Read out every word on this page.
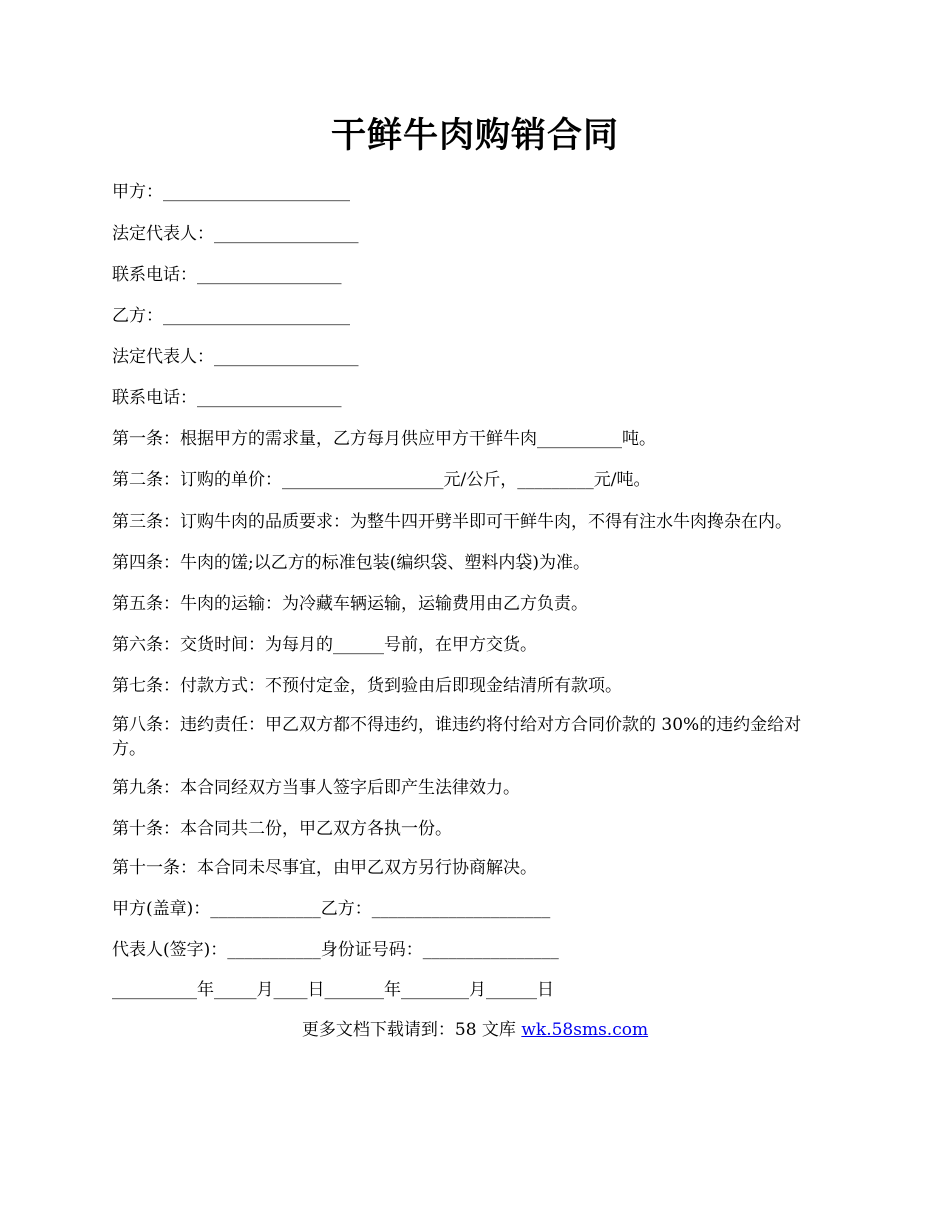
干鲜牛肉购销合同
甲方：______________________
法定代表人：_________________
联系电话：_________________
乙方：______________________
法定代表人：_________________
联系电话：_________________
第一条：根据甲方的需求量，乙方每月供应甲方干鲜牛肉__________吨。
第二条：订购的单价：___________________元/公斤，_________元/吨。
第三条：订购牛肉的品质要求：为整牛四开劈半即可干鲜牛肉，不得有注水牛肉搀杂在内。
第四条：牛肉的馐;以乙方的标准包装(编织袋、塑料内袋)为准。
第五条：牛肉的运输：为冷藏车辆运输，运输费用由乙方负责。
第六条：交货时间：为每月的______号前，在甲方交货。
第七条：付款方式：不预付定金，货到验由后即现金结清所有款项。
第八条：违约责任：甲乙双方都不得违约，谁违约将付给对方合同价款的 30%的违约金给对方。
第九条：本合同经双方当事人签字后即产生法律效力。
第十条：本合同共二份，甲乙双方各执一份。
第十一条：本合同未尽事宜，由甲乙双方另行协商解决。
甲方(盖章)：_____________乙方：_____________________
代表人(签字)：___________身份证号码：________________
__________年_____月____日_______年________月______日
更多文档下载请到：58 文库 wk.58sms.com
